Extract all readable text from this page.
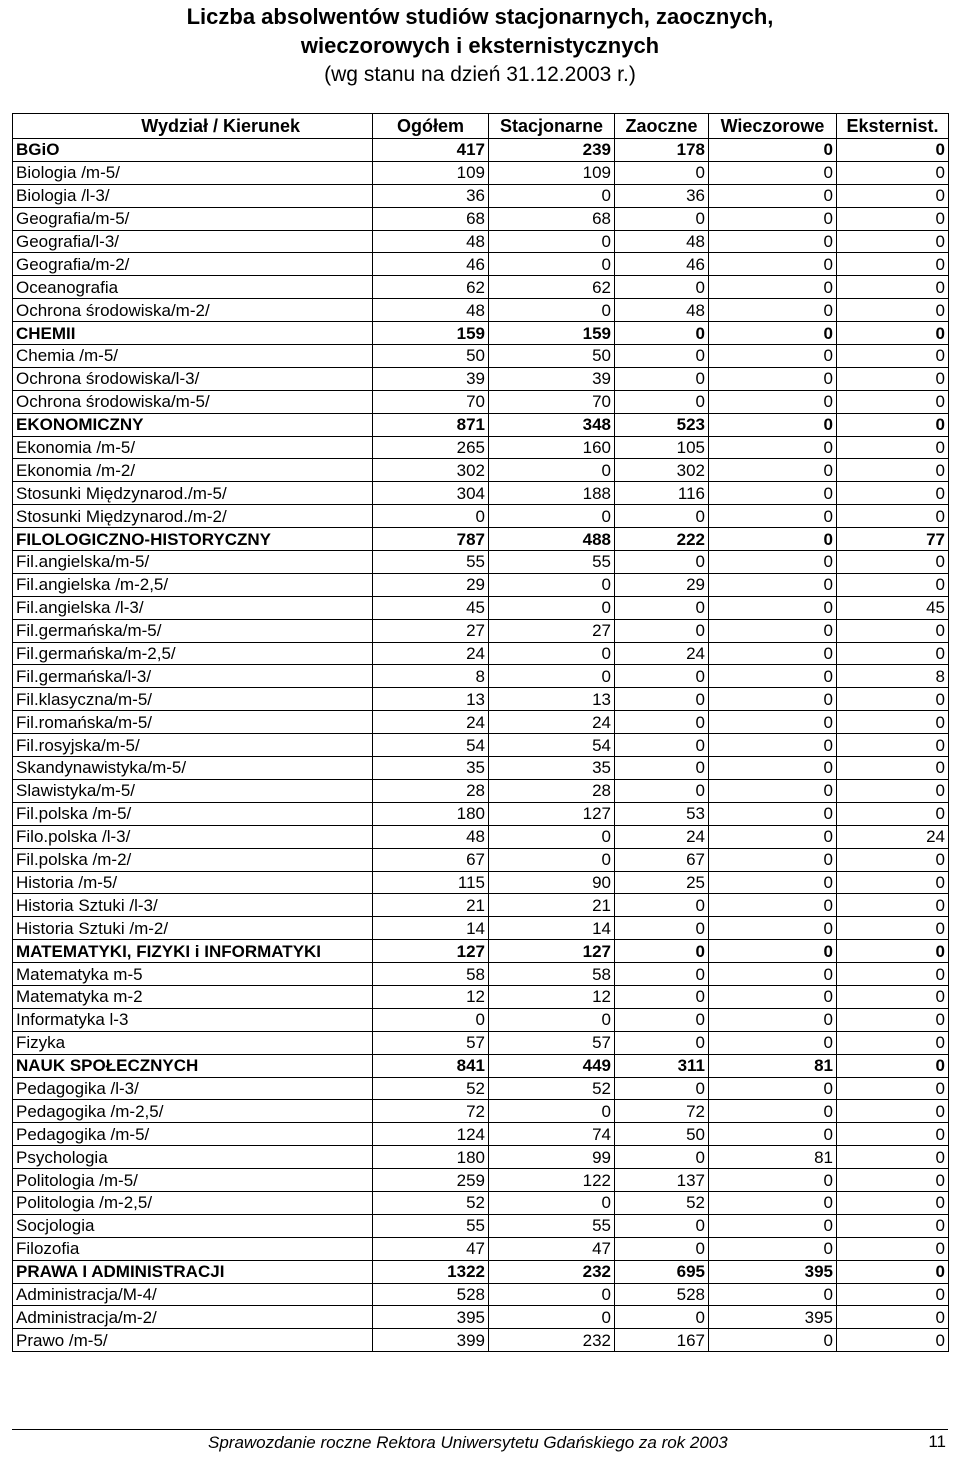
Liczba absolwentów studiów stacjonarnych, zaocznych,
wieczorowych i eksternistycznych
(wg stanu na dzień 31.12.2003 r.)
Wydział / Kierunek	Ogółem	Stacjonarne	Zaoczne	Wieczorowe	Eksternist.
BGiO	417	239	178	0	0
Biologia /m-5/	109	109	0	0	0
Biologia /l-3/	36	0	36	0	0
Geografia/m-5/	68	68	0	0	0
Geografia/l-3/	48	0	48	0	0
Geografia/m-2/	46	0	46	0	0
Oceanografia	62	62	0	0	0
Ochrona środowiska/m-2/	48	0	48	0	0
CHEMII	159	159	0	0	0
Chemia /m-5/	50	50	0	0	0
Ochrona środowiska/l-3/	39	39	0	0	0
Ochrona środowiska/m-5/	70	70	0	0	0
EKONOMICZNY	871	348	523	0	0
Ekonomia /m-5/	265	160	105	0	0
Ekonomia /m-2/	302	0	302	0	0
Stosunki Międzynarod./m-5/	304	188	116	0	0
Stosunki Międzynarod./m-2/	0	0	0	0	0
FILOLOGICZNO-HISTORYCZNY	787	488	222	0	77
Fil.angielska/m-5/	55	55	0	0	0
Fil.angielska /m-2,5/	29	0	29	0	0
Fil.angielska /l-3/	45	0	0	0	45
Fil.germańska/m-5/	27	27	0	0	0
Fil.germańska/m-2,5/	24	0	24	0	0
Fil.germańska/l-3/	8	0	0	0	8
Fil.klasyczna/m-5/	13	13	0	0	0
Fil.romańska/m-5/	24	24	0	0	0
Fil.rosyjska/m-5/	54	54	0	0	0
Skandynawistyka/m-5/	35	35	0	0	0
Slawistyka/m-5/	28	28	0	0	0
Fil.polska /m-5/	180	127	53	0	0
Filo.polska /l-3/	48	0	24	0	24
Fil.polska /m-2/	67	0	67	0	0
Historia /m-5/	115	90	25	0	0
Historia Sztuki /l-3/	21	21	0	0	0
Historia Sztuki /m-2/	14	14	0	0	0
MATEMATYKI, FIZYKI i INFORMATYKI	127	127	0	0	0
Matematyka m-5	58	58	0	0	0
Matematyka m-2	12	12	0	0	0
Informatyka l-3	0	0	0	0	0
Fizyka	57	57	0	0	0
NAUK SPOŁECZNYCH	841	449	311	81	0
Pedagogika /l-3/	52	52	0	0	0
Pedagogika /m-2,5/	72	0	72	0	0
Pedagogika /m-5/	124	74	50	0	0
Psychologia	180	99	0	81	0
Politologia /m-5/	259	122	137	0	0
Politologia /m-2,5/	52	0	52	0	0
Socjologia	55	55	0	0	0
Filozofia	47	47	0	0	0
PRAWA I ADMINISTRACJI	1322	232	695	395	0
Administracja/M-4/	528	0	528	0	0
Administracja/m-2/	395	0	0	395	0
Prawo /m-5/	399	232	167	0	0
Sprawozdanie roczne Rektora Uniwersytetu Gdańskiego za rok 2003	11
